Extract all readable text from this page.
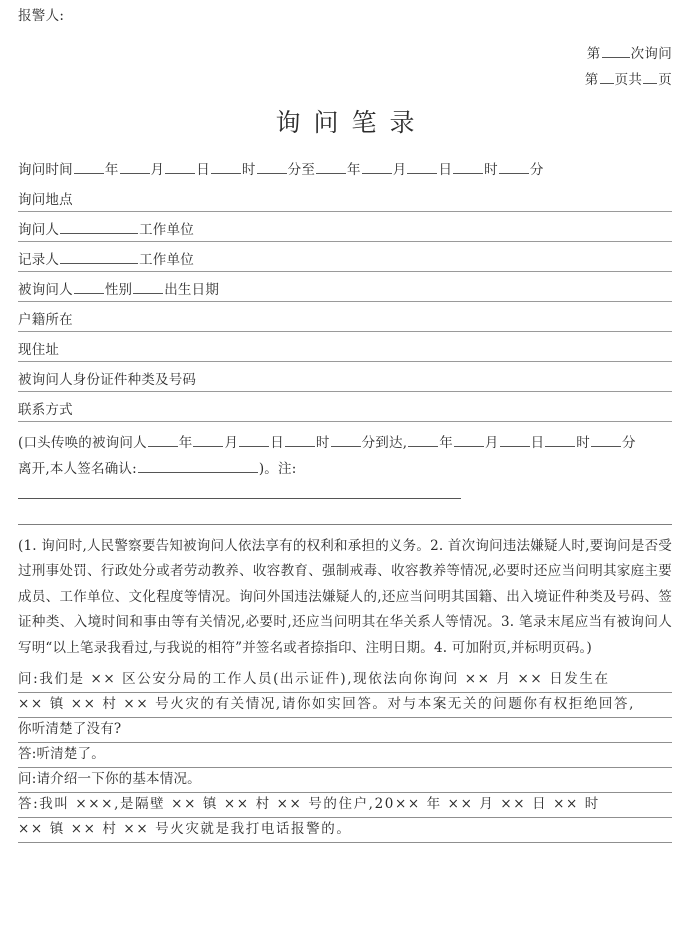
报警人:
第 次询问
第 页共 页
询问笔录
询问时间 年 月 日 时 分至 年 月 日 时 分
询问地点
询问人	工作单位
记录人	工作单位
被询问人 性别 出生日期
户籍所在
现住址
被询问人身份证件种类及号码
联系方式
(口头传唤的被询问人 年 月 日 时 分到达, 年 月 日 时 分
离开,本人签名确认:	)。注:
(1. 询问时,人民警察要告知被询问人依法享有的权利和承担的义务。2. 首次询问违法嫌疑人时,要询问是否受过刑事处罚、行政处分或者劳动教养、收容教育、强制戒毒、收容教养等情况,必要时还应当问明其家庭主要成员、工作单位、文化程度等情况。询问外国违法嫌疑人的,还应当问明其国籍、出入境证件种类及号码、签证种类、入境时间和事由等有关情况,必要时,还应当问明其在华关系人等情况。3. 笔录末尾应当有被询问人写明“以上笔录我看过,与我说的相符”并签名或者捺指印、注明日期。4. 可加附页,并标明页码。)
问:我们是 ×× 区公安分局的工作人员(出示证件),现依法向你询问 ×× 月 ×× 日发生在
×× 镇 ×× 村 ×× 号火灾的有关情况,请你如实回答。对与本案无关的问题你有权拒绝回答,
你听清楚了没有?
答:听清楚了。
问:请介绍一下你的基本情况。
答:我叫 ×××,是隔壁 ×× 镇 ×× 村 ×× 号的住户,20×× 年 ×× 月 ×× 日 ×× 时
×× 镇 ×× 村 ×× 号火灾就是我打电话报警的。
